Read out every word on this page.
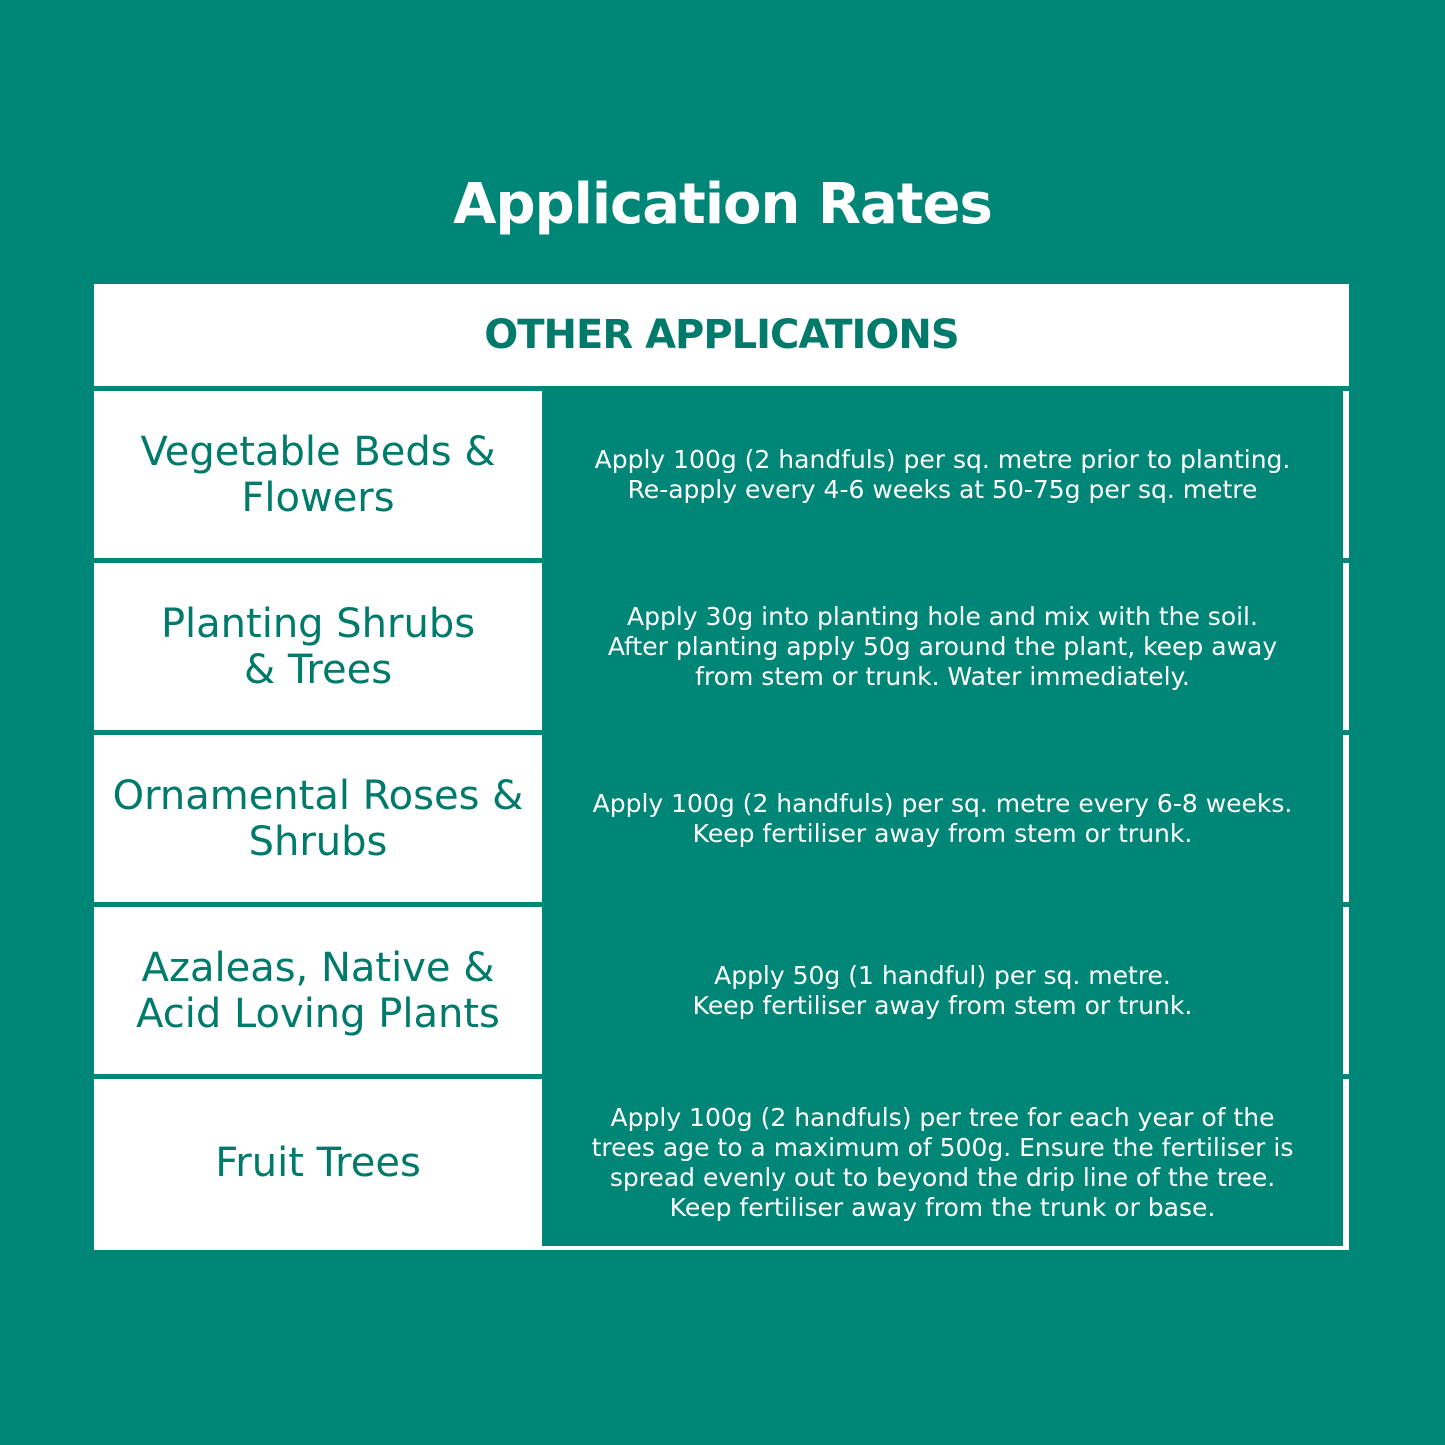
Application Rates
OTHER APPLICATIONS
Vegetable Beds &
Flowers
Apply 100g (2 handfuls) per sq. metre prior to planting.
Re-apply every 4-6 weeks at 50-75g per sq. metre
Planting Shrubs
& Trees
Apply 30g into planting hole and mix with the soil.
After planting apply 50g around the plant, keep away
from stem or trunk. Water immediately.
Ornamental Roses &
Shrubs
Apply 100g (2 handfuls) per sq. metre every 6-8 weeks.
Keep fertiliser away from stem or trunk.
Azaleas, Native &
Acid Loving Plants
Apply 50g (1 handful) per sq. metre.
Keep fertiliser away from stem or trunk.
Fruit Trees
Apply 100g (2 handfuls) per tree for each year of the
trees age to a maximum of 500g. Ensure the fertiliser is
spread evenly out to beyond the drip line of the tree.
Keep fertiliser away from the trunk or base.
